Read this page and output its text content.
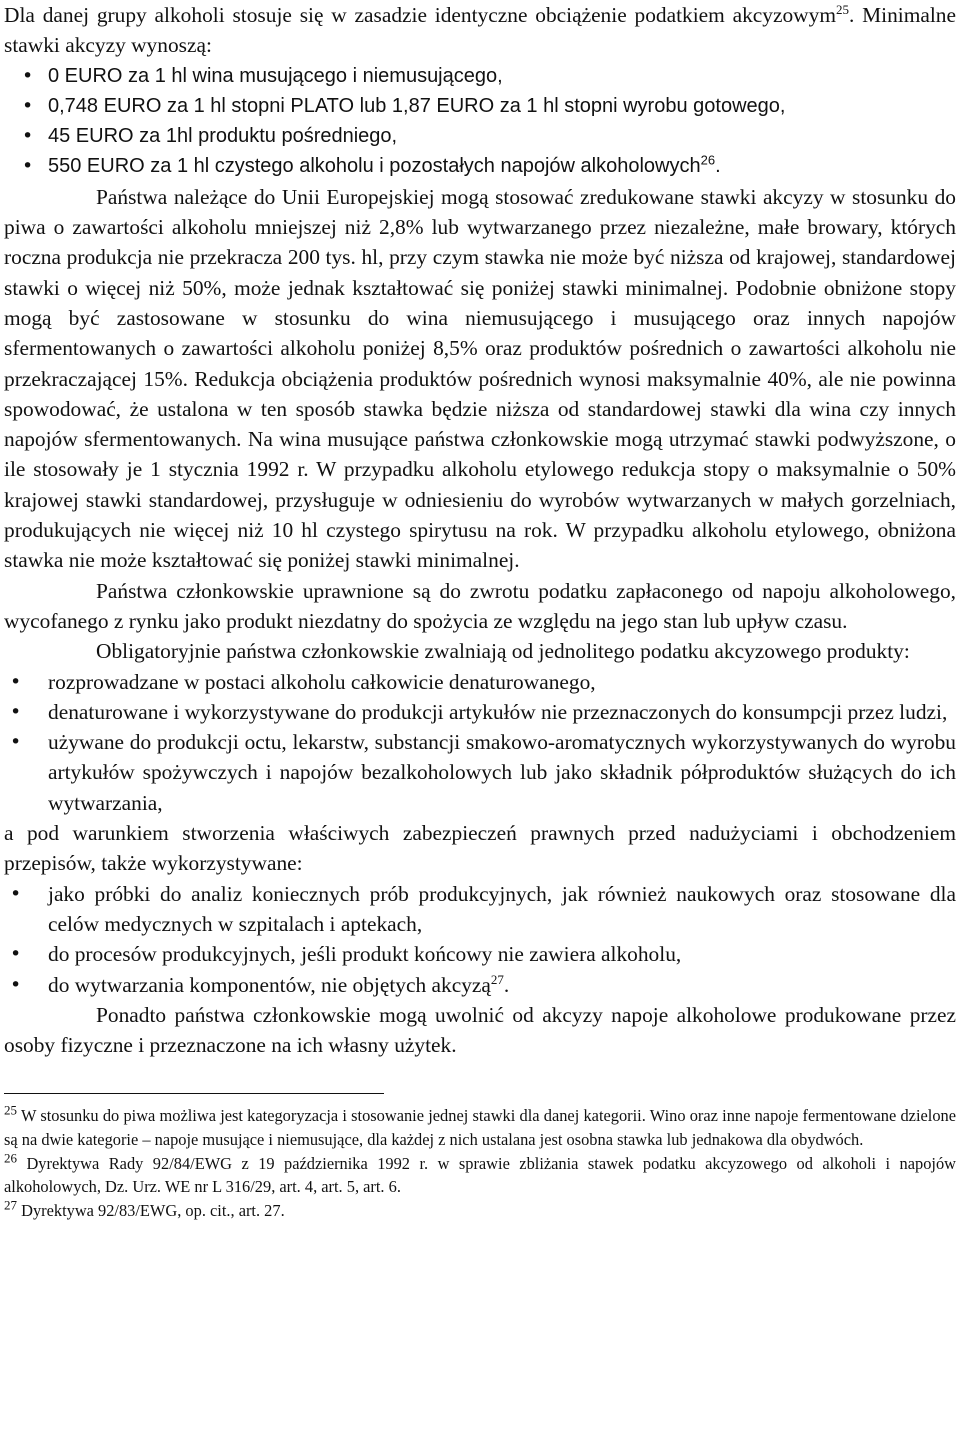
Dla danej grupy alkoholi stosuje się w zasadzie identyczne obciążenie podatkiem akcyzowym$^{25}$. Minimalne stawki akcyzy wynoszą:

• 0 EURO za 1 hl wina musującego i niemusującego,
• 0,748 EURO za 1 hl stopni PLATO lub 1,87 EURO za 1 hl stopni wyrobu gotowego,
• 45 EURO za 1hl produktu pośredniego,
• 550 EURO za 1 hl czystego alkoholu i pozostałych napojów alkoholowych$^{26}$.

Państwa należące do Unii Europejskiej mogą stosować zredukowane stawki akcyzy w stosunku do piwa o zawartości alkoholu mniejszej niż 2,8% lub wytwarzanego przez niezależne, małe browary, których roczna produkcja nie przekracza 200 tys. hl, przy czym stawka nie może być niższa od krajowej, standardowej stawki o więcej niż 50%, może jednak kształtować się poniżej stawki minimalnej. Podobnie obniżone stopy mogą być zastosowane w stosunku do wina niemusującego i musującego oraz innych napojów sfermentowanych o zawartości alkoholu poniżej 8,5% oraz produktów pośrednich o zawartości alkoholu nie przekraczającej 15%. Redukcja obciążenia produktów pośrednich wynosi maksymalnie 40%, ale nie powinna spowodować, że ustalona w ten sposób stawka będzie niższa od standardowej stawki dla wina czy innych napojów sfermentowanych. Na wina musujące państwa członkowskie mogą utrzymać stawki podwyższone, o ile stosowały je 1 stycznia 1992 r. W przypadku alkoholu etylowego redukcja stopy o maksymalnie o 50% krajowej stawki standardowej, przysługuje w odniesieniu do wyrobów wytwarzanych w małych gorzelniach, produkujących nie więcej niż 10 hl czystego spirytusu na rok. W przypadku alkoholu etylowego, obniżona stawka nie może kształtować się poniżej stawki minimalnej.

Państwa członkowskie uprawnione są do zwrotu podatku zapłaconego od napoju alkoholowego, wycofanego z rynku jako produkt niezdatny do spożycia ze względu na jego stan lub upływ czasu.

Obligatoryjnie państwa członkowskie zwalniają od jednolitego podatku akcyzowego produkty:

• rozprowadzane w postaci alkoholu całkowicie denaturowanego,
• denaturowane i wykorzystywane do produkcji artykułów nie przeznaczonych do konsumpcji przez ludzi,
• używane do produkcji octu, lekarstw, substancji smakowo-aromatycznych wykorzystywanych do wyrobu artykułów spożywczych i napojów bezalkoholowych lub jako składnik półproduktów służących do ich wytwarzania,

a pod warunkiem stworzenia właściwych zabezpieczeń prawnych przed nadużyciami i obchodzeniem przepisów, także wykorzystywane:

• jako próbki do analiz koniecznych prób produkcyjnych, jak również naukowych oraz stosowane dla celów medycznych w szpitalach i aptekach,
• do procesów produkcyjnych, jeśli produkt końcowy nie zawiera alkoholu,
• do wytwarzania komponentów, nie objętych akcyzą$^{27}$.

Ponadto państwa członkowskie mogą uwolnić od akcyzy napoje alkoholowe produkowane przez osoby fizyczne i przeznaczone na ich własny użytek.

$^{25}$ W stosunku do piwa możliwa jest kategoryzacja i stosowanie jednej stawki dla danej kategorii. Wino oraz inne napoje fermentowane dzielone są na dwie kategorie – napoje musujące i niemusujące, dla każdej z nich ustalana jest osobna stawka lub jednakowa dla obydwóch.

$^{26}$ Dyrektywa Rady 92/84/EWG z 19 października 1992 r. w sprawie zbliżania stawek podatku akcyzowego od alkoholi i napojów alkoholowych, Dz. Urz. WE nr L 316/29, art. 4, art. 5, art. 6.

$^{27}$ Dyrektywa 92/83/EWG, op. cit., art. 27.
